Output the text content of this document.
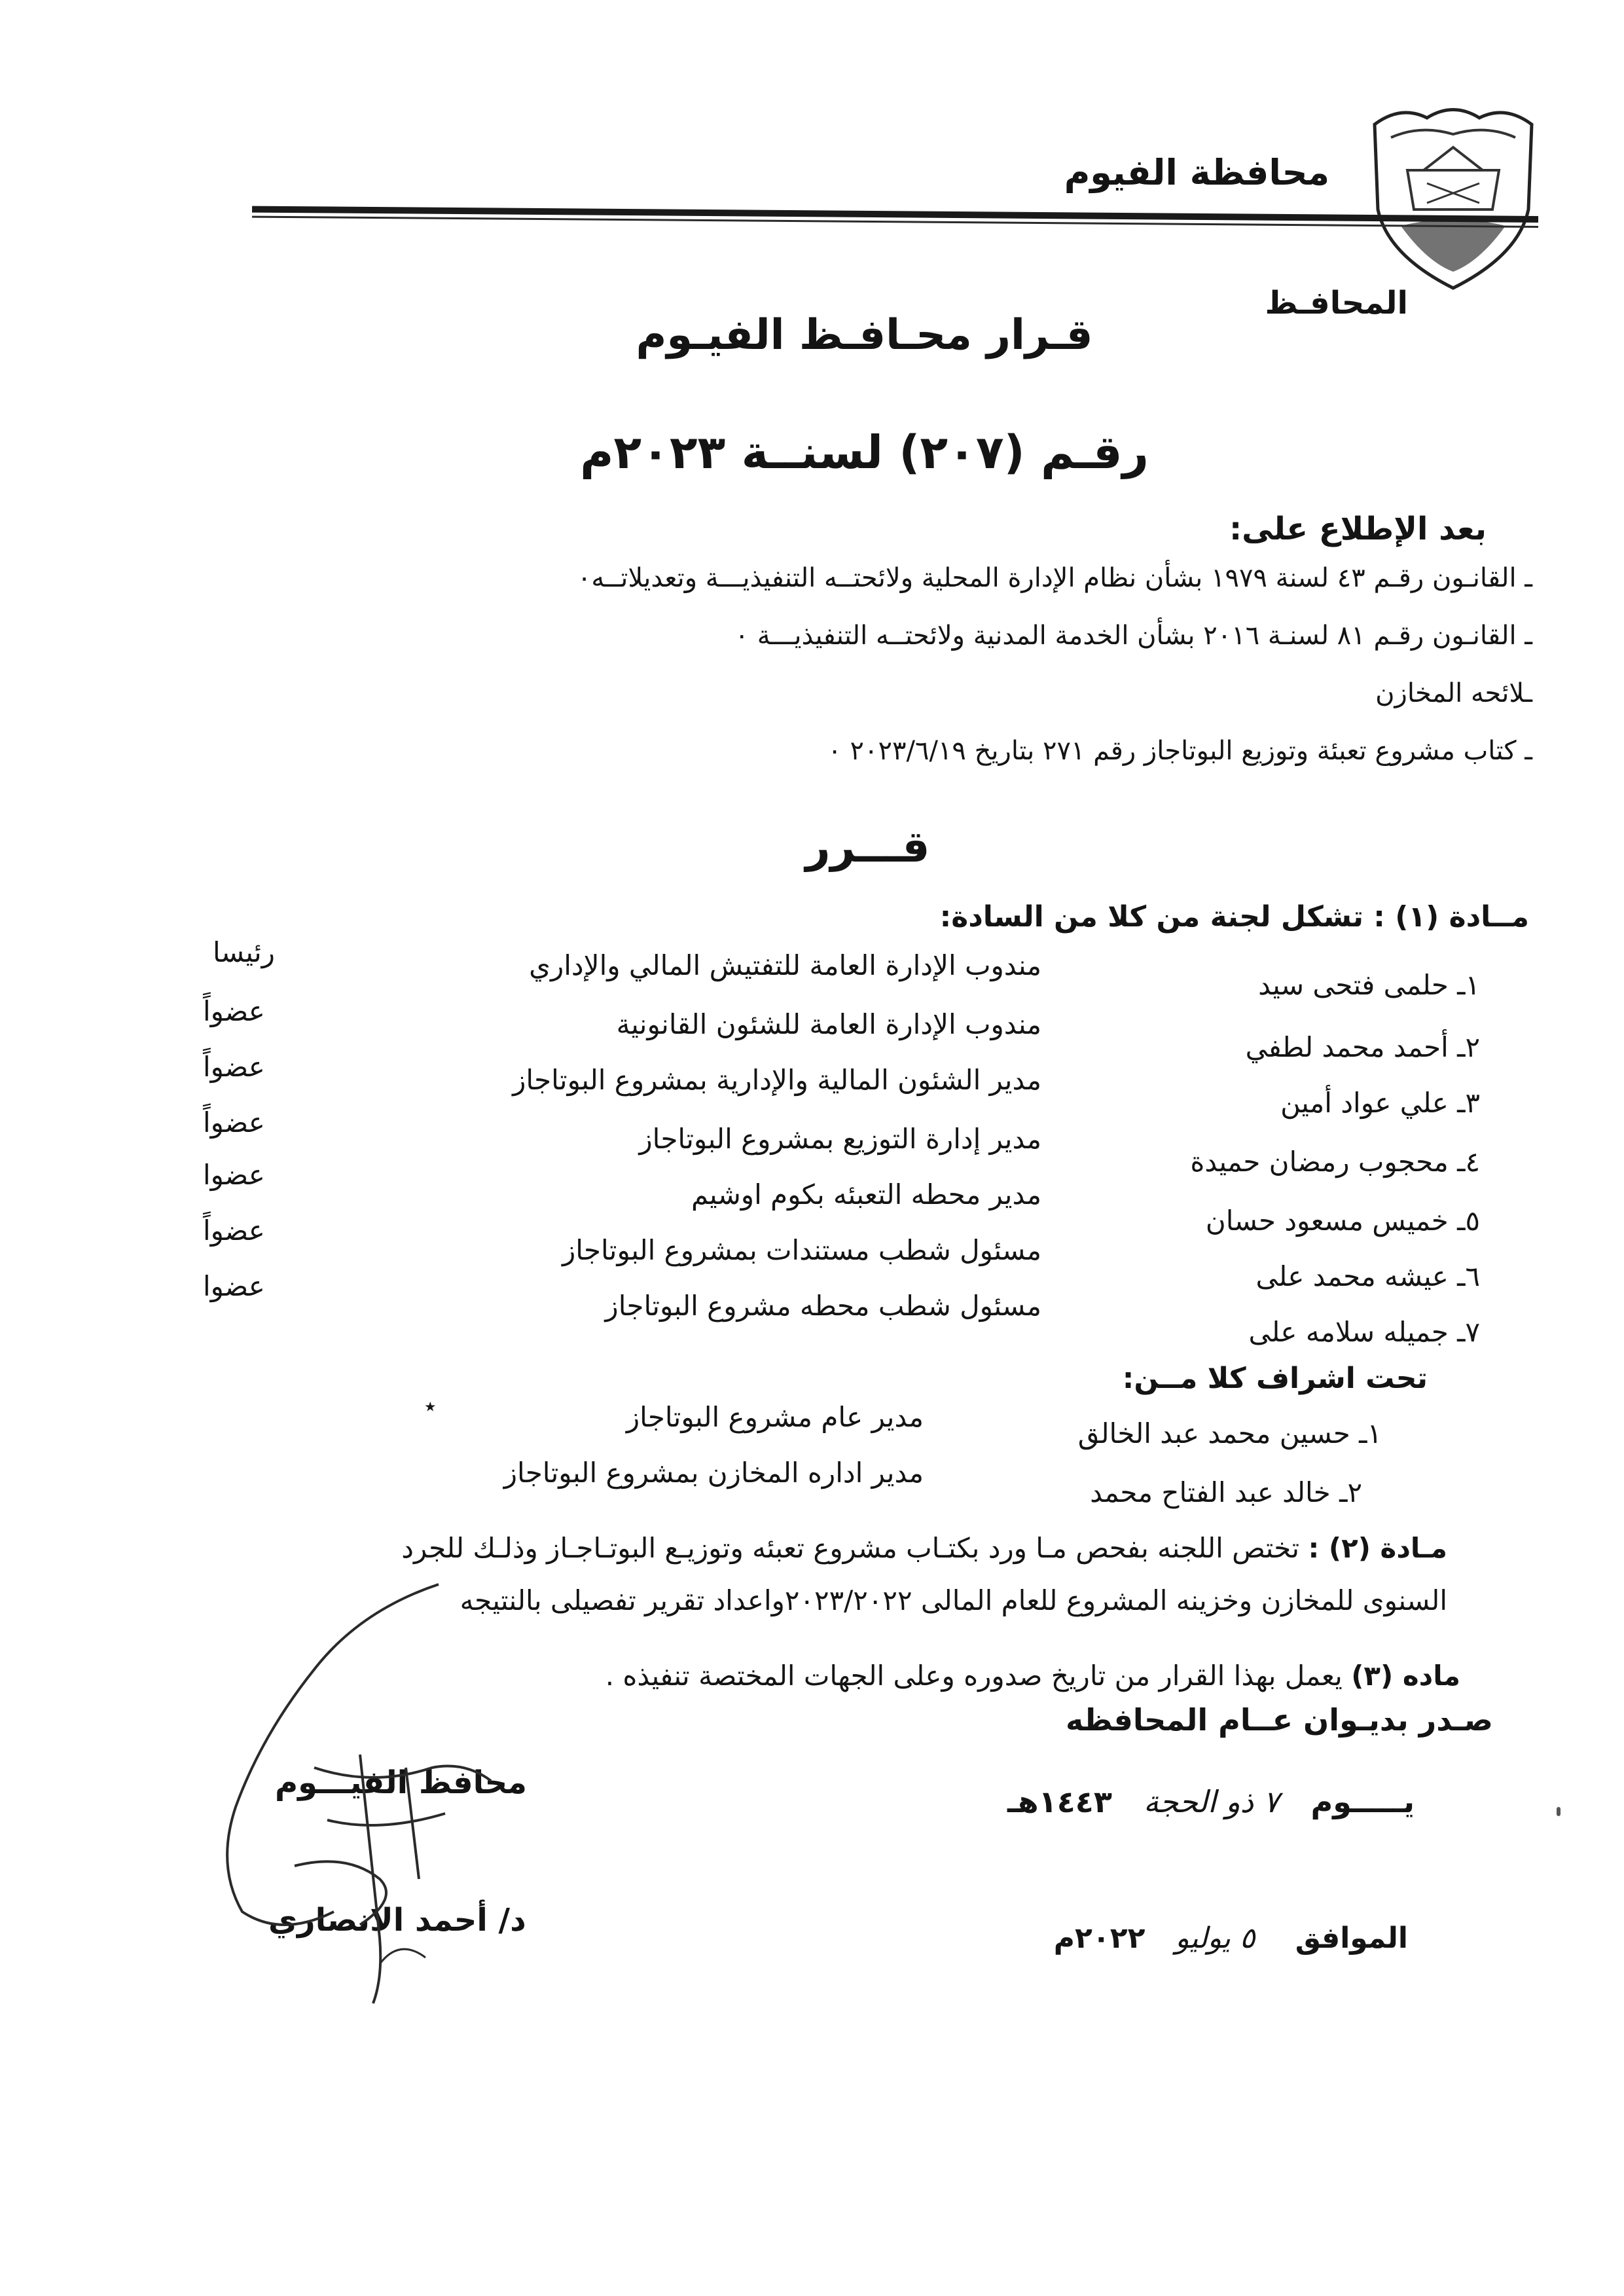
محافظة الفيوم
المحافـظ
قـرار محـافـظ الفيـوم
رقـم (٢٠٧) لسنــة ٢٠٢٣م
بعد الإطلاع على:
ـ القانـون رقـم ٤٣ لسنة ١٩٧٩ بشأن نظام الإدارة المحلية ولائحتــه التنفيذيـــة وتعديلاتــه٠
ـ القانـون رقـم ٨١ لسنـة ٢٠١٦ بشأن الخدمة المدنية ولائحتــه التنفيذيـــة ٠
ـلائحه المخازن
ـ كتاب مشروع تعبئة وتوزيع البوتاجاز رقم ٢٧١ بتاريخ ٢٠٢٣/٦/١٩ ٠
قـــرر
مــادة (١) : تشكل لجنة من كلا من السادة:
١ـ حلمى فتحى سيد
مندوب الإدارة العامة للتفتيش المالي والإداري
رئيسا
٢ـ أحمد محمد لطفي
مندوب الإدارة العامة للشئون القانونية
عضواً
٣ـ علي عواد أمين
مدير الشئون المالية والإدارية بمشروع البوتاجاز
عضواً
٤ـ محجوب رمضان حميدة
مدير إدارة التوزيع بمشروع البوتاجاز
عضواً
٥ـ خميس مسعود حسان
مدير محطه التعبئه بكوم اوشيم
عضوا
٦ـ عيشه محمد على
مسئول شطب مستندات بمشروع البوتاجاز
عضواً
٧ـ جميله سلامه على
مسئول شطب محطه مشروع البوتاجاز
عضوا
تحت اشراف كلا مــن:
١ـ حسين محمد عبد الخالق
مدير عام مشروع البوتاجاز
٭
٢ـ خالد عبد الفتاح محمد
مدير اداره المخازن بمشروع البوتاجاز
مـادة (٢) : تختص اللجنه بفحص مـا ورد بكتـاب مشروع تعبئه وتوزيـع البوتـاجـاز وذلـك للجرد
السنوى للمخازن وخزينه المشروع للعام المالى ٢٠٢٣/٢٠٢٢واعداد تقرير تفصيلى بالنتيجه
ماده (٣) يعمل بهذا القرار من تاريخ صدوره وعلى الجهات المختصة تنفيذه .
صـدر بديـوان عــام المحافظه
يـــــوم   ٧ ذو الحجة   ١٤٤٣هـ
الموافق    ٥ يوليو   ٢٠٢٢م
محافظ الفيـــوم
د/ أحمد الانصاري
